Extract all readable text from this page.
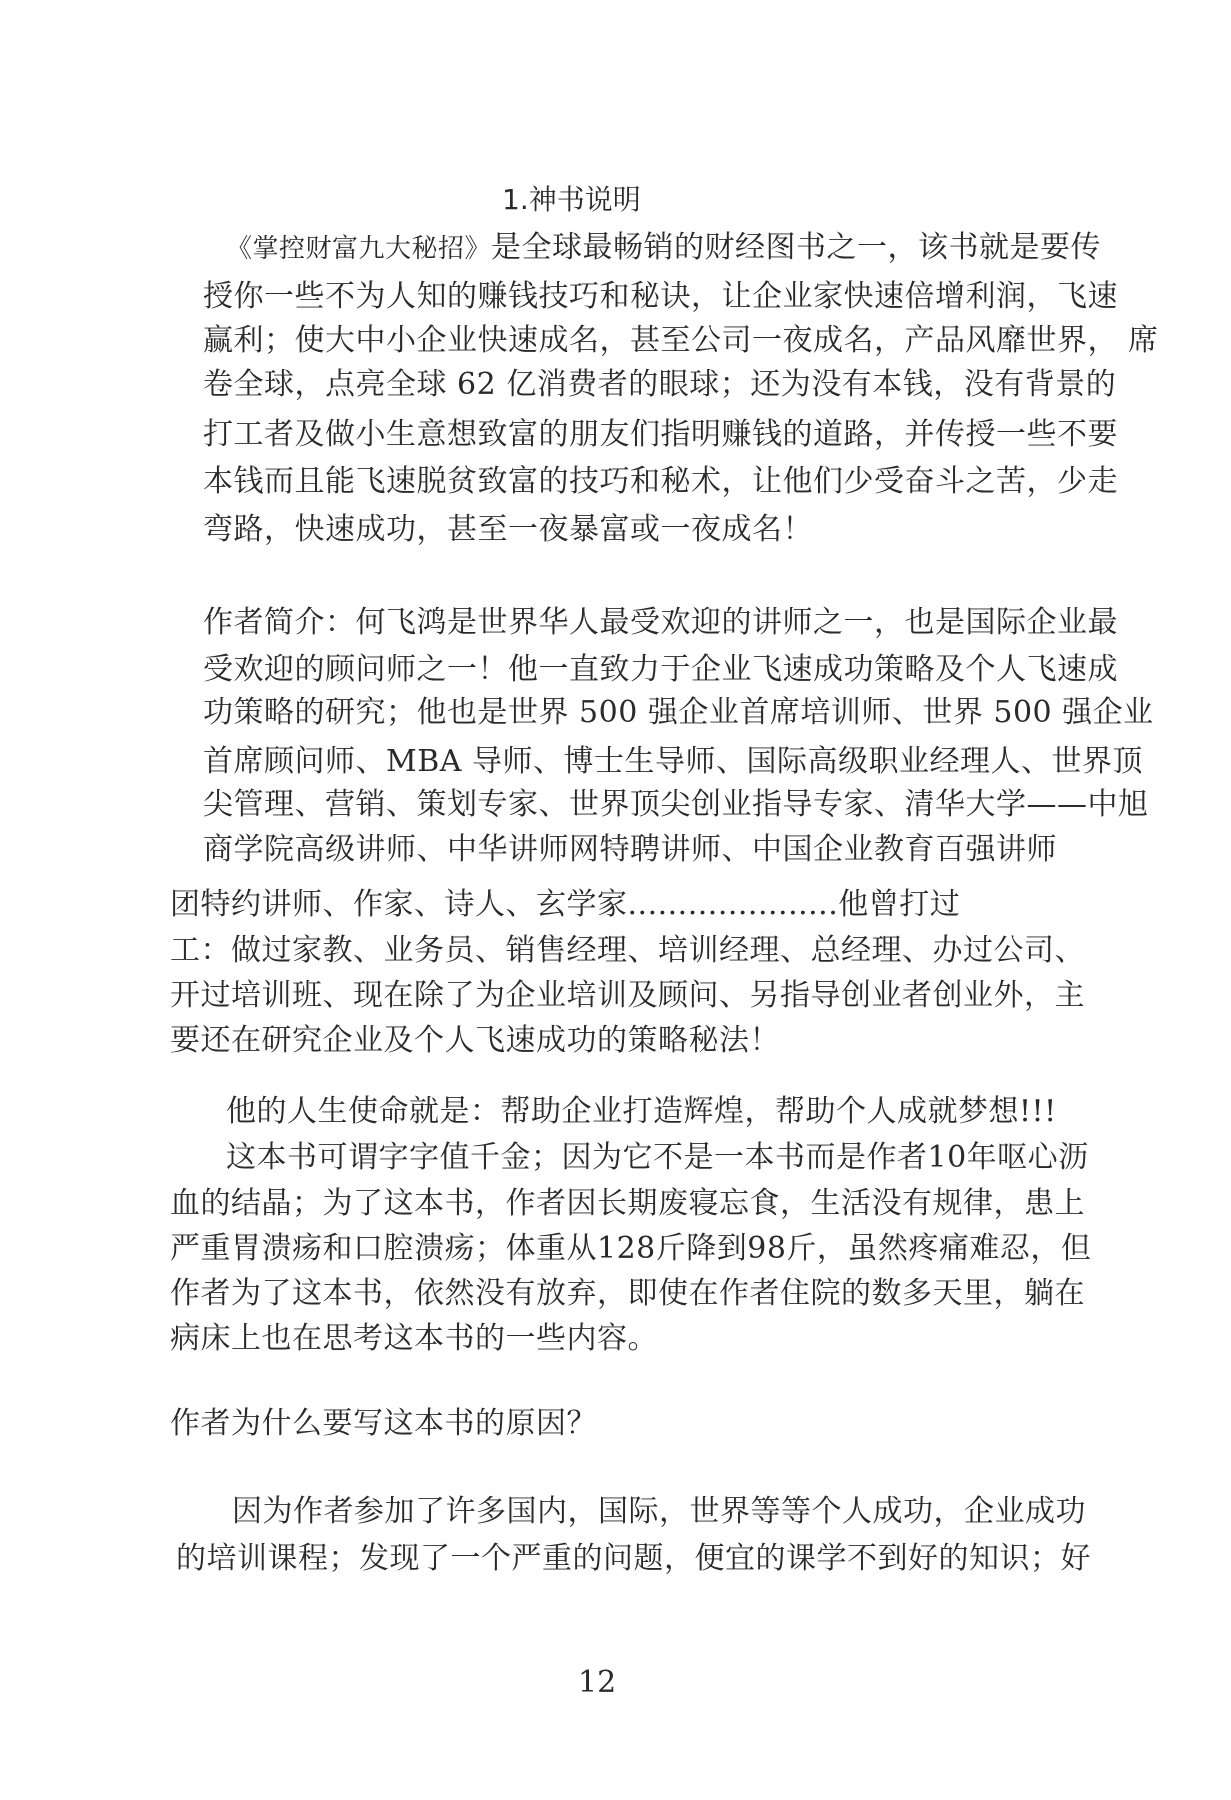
1.神书说明
《掌控财富九大秘招》是全球最畅销的财经图书之一，该书就是要传
授你一些不为人知的赚钱技巧和秘诀，让企业家快速倍增利润，飞速
赢利；使大中小企业快速成名，甚至公司一夜成名，产品风靡世界， 席
卷全球，点亮全球 62 亿消费者的眼球；还为没有本钱，没有背景的
打工者及做小生意想致富的朋友们指明赚钱的道路，并传授一些不要
本钱而且能飞速脱贫致富的技巧和秘术，让他们少受奋斗之苦，少走
弯路，快速成功，甚至一夜暴富或一夜成名！
作者简介：何飞鸿是世界华人最受欢迎的讲师之一，也是国际企业最
受欢迎的顾问师之一！他一直致力于企业飞速成功策略及个人飞速成
功策略的研究；他也是世界 500 强企业首席培训师、世界 500 强企业
首席顾问师、MBA 导师、博士生导师、国际高级职业经理人、世界顶
尖管理、营销、策划专家、世界顶尖创业指导专家、清华大学——中旭
商学院高级讲师、中华讲师网特聘讲师、中国企业教育百强讲师
团特约讲师、作家、诗人、玄学家.....................他曾打过
工：做过家教、业务员、销售经理、培训经理、总经理、办过公司、
开过培训班、现在除了为企业培训及顾问、另指导创业者创业外，主
要还在研究企业及个人飞速成功的策略秘法！
他的人生使命就是：帮助企业打造辉煌，帮助个人成就梦想!!!
这本书可谓字字值千金；因为它不是一本书而是作者10年呕心沥
血的结晶；为了这本书，作者因长期废寝忘食，生活没有规律，患上
严重胃溃疡和口腔溃疡；体重从128斤降到98斤，虽然疼痛难忍，但
作者为了这本书，依然没有放弃，即使在作者住院的数多天里，躺在
病床上也在思考这本书的一些内容。
作者为什么要写这本书的原因？
因为作者参加了许多国内，国际，世界等等个人成功，企业成功
的培训课程；发现了一个严重的问题，便宜的课学不到好的知识；好
12
